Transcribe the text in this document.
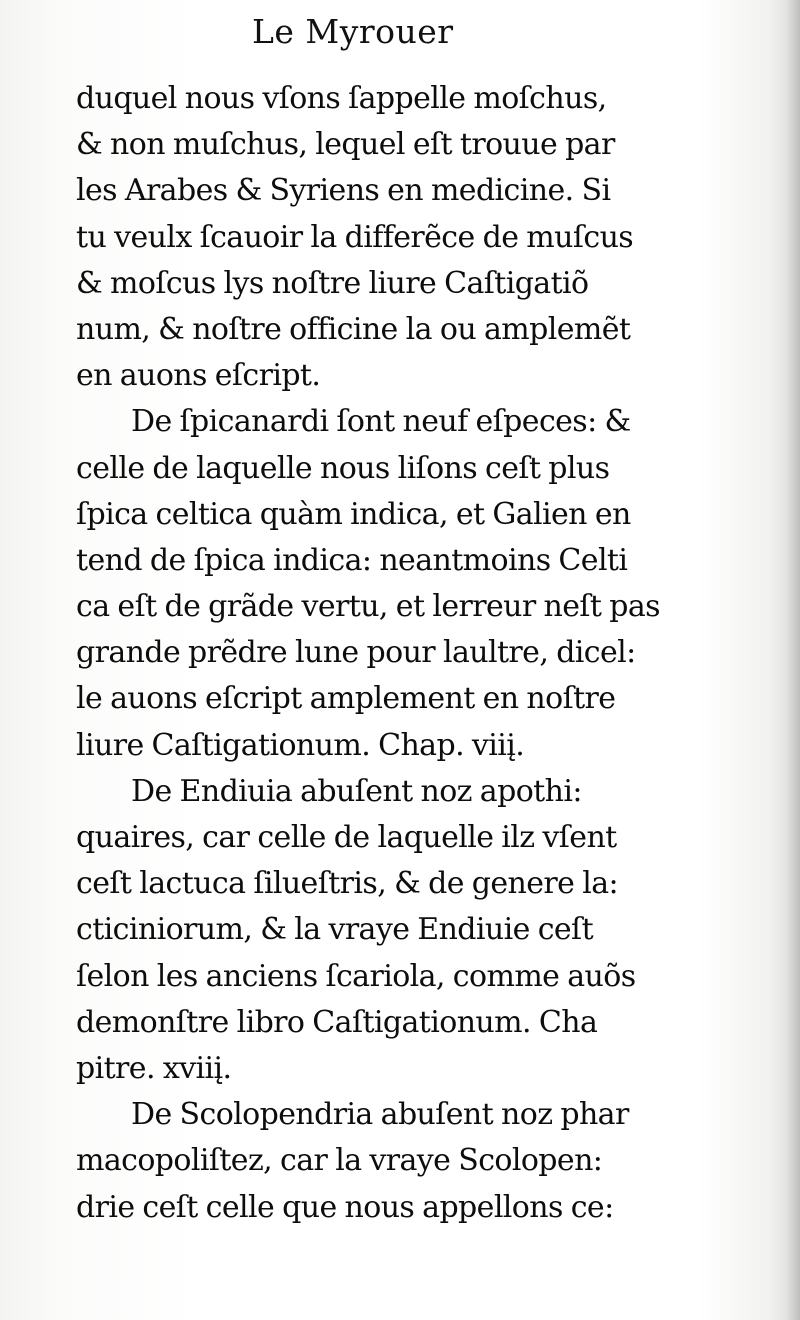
Le Myrouer
duquel nous vſons ſappelle moſchus,
& non muſchus, lequel eſt trouue par
les Arabes & Syriens en medicine. Si
tu veulx ſcauoir la differẽce de muſcus
& moſcus lys noſtre liure Caſtigatiõ
num, & noſtre officine la ou amplemẽt
en auons eſcript.
De ſpicanardi ſont neuf eſpeces: &
celle de laquelle nous liſons ceſt plus
ſpica celtica quàm indica, et Galien en
tend de ſpica indica: neantmoins Celti
ca eſt de grãde vertu, et lerreur neſt pas
grande prẽdre lune pour laultre, dicel:
le auons eſcript amplement en noſtre
liure Caſtigationum. Chap. viiį.
De Endiuia abuſent noz apothi:
quaires, car celle de laquelle ilz vſent
ceſt lactuca ſilueſtris, & de genere la:
cticiniorum, & la vraye Endiuie ceſt
ſelon les anciens ſcariola, comme auõs
demonſtre libro Caſtigationum. Cha
pitre. xviiį.
De Scolopendria abuſent noz phar
macopoliſtez, car la vraye Scolopen:
drie ceſt celle que nous appellons ce:
